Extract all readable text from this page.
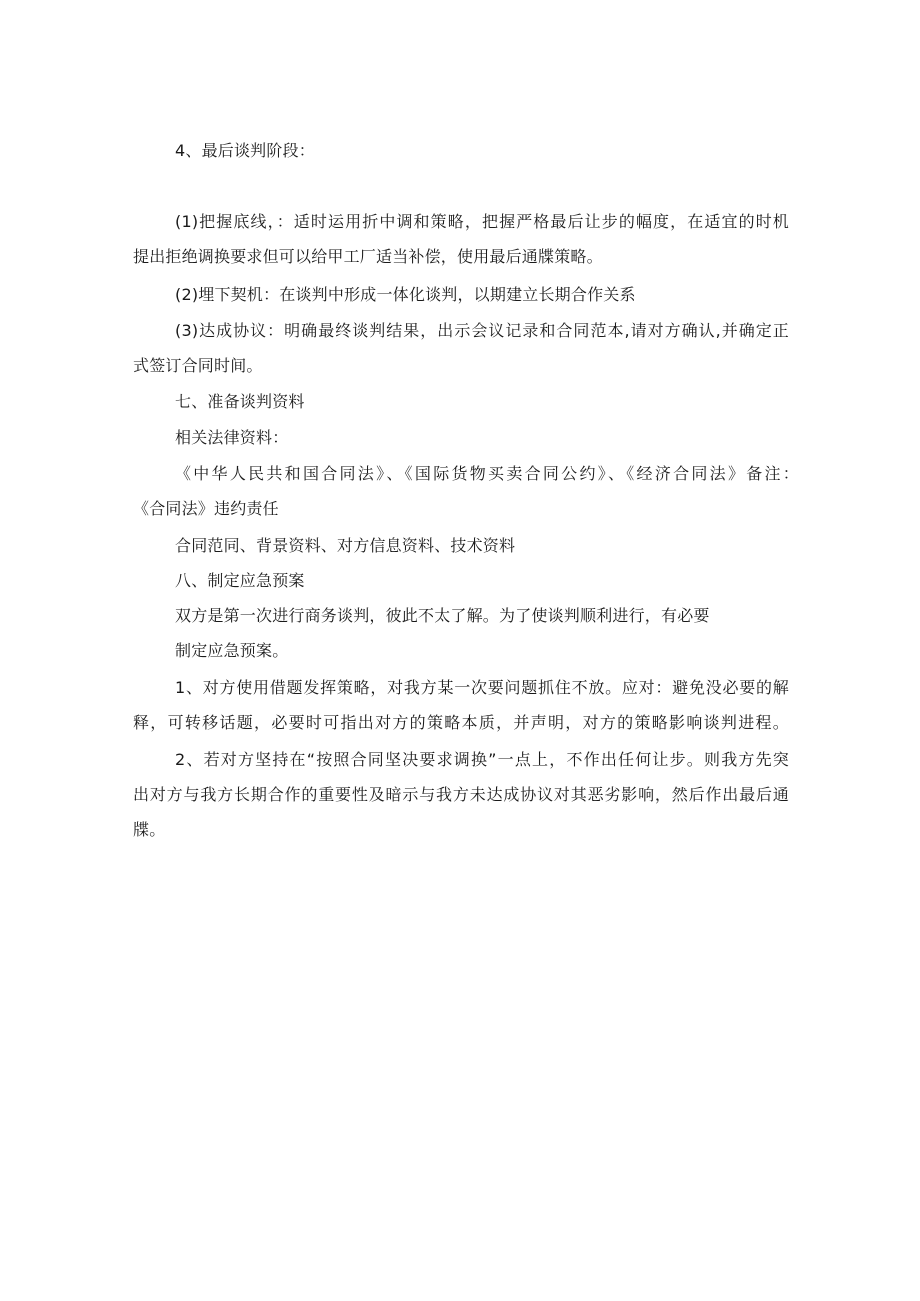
4、最后谈判阶段：
(1)把握底线，：适时运用折中调和策略，把握严格最后让步的幅度，在适宜的时机
提出拒绝调换要求但可以给甲工厂适当补偿，使用最后通牒策略。
(2)埋下契机：在谈判中形成一体化谈判，以期建立长期合作关系
(3)达成协议：明确最终谈判结果，出示会议记录和合同范本,请对方确认,并确定正
式签订合同时间。
七、准备谈判资料
相关法律资料：
《中华人民共和国合同法》、《国际货物买卖合同公约》、《经济合同法》备注：
《合同法》违约责任
合同范同、背景资料、对方信息资料、技术资料
八、制定应急预案
双方是第一次进行商务谈判，彼此不太了解。为了使谈判顺利进行，有必要
制定应急预案。
1、对方使用借题发挥策略，对我方某一次要问题抓住不放。应对：避免没必要的解
释，可转移话题，必要时可指出对方的策略本质，并声明，对方的策略影响谈判进程。
2、若对方坚持在“按照合同坚决要求调换”一点上，不作出任何让步。则我方先突
出对方与我方长期合作的重要性及暗示与我方未达成协议对其恶劣影响，然后作出最后通
牒。
